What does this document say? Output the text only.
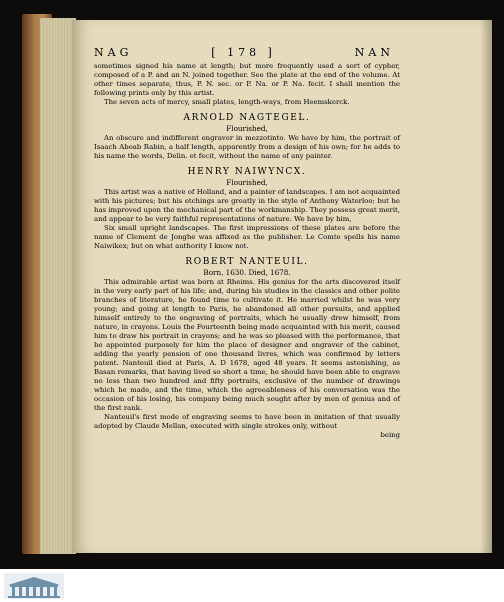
NAG	[ 178 ]	NAN

sometimes signed his name at length; but more frequently used a sort of cypher, composed of a P. and an N. joined together. See the plate at the end of the volume. At other times separate, thus, P. N. sec. or P. Na. or P. Na. fecit. I shall mention the following prints only by this artist.

The seven acts of mercy, small plates, length-ways, from Heemskerck.

ARNOLD NAGTEGEL.
Flourished,

An obscure and indifferent engraver in mezzotinto. We have by him, the portrait of Isaach Aboab Rabin, a half length, apparently from a design of his own; for he adds to his name the words, Delin. et fecit, without the name of any painter.

HENRY NAIWYNCX.
Flourished,

This artist was a native of Holland, and a painter of landscapes. I am not acquainted with his pictures; but his etchings are greatly in the style of Anthony Waterloo; but he has improved upon the mechanical part of the workmanship. They possess great merit, and appear to be very faithful representations of nature. We have by him,

Six small upright landscapes. The first impressions of these plates are before the name of Clement de Jonghe was affixed as the publisher. Le Comte spells his name Naiwikex; but on what authority I know not.

ROBERT NANTEUIL.
Born, 1630. Died, 1678.

This admirable artist was born at Rheims. His genius for the arts discovered itself in the very early part of his life; and, during his studies in the classics and other polite branches of literature, he found time to cultivate it. He married whilst he was very young; and going at length to Paris, he abandoned all other pursuits, and applied himself entirely to the engraving of portraits, which he usually drew himself, from nature, in crayons. Louis the Fourteenth being made acquainted with his merit, caused him to draw his portrait in crayons; and he was so pleased with the performance, that he appointed purposely for him the place of designer and engraver of the cabinet, adding the yearly pension of one thousand livres, which was confirmed by letters patent. Nanteuil died at Paris, A. D 1678, aged 48 years. It seems astonishing, as Basan remarks, that having lived so short a time, he should have been able to engrave no less than two hundred and fifty portraits, exclusive of the number of drawings which he made, and the time, which the agreeableness of his conversation was the occasion of his losing, his company being much sought after by men of genius and of the first rank.

Nanteuil's first mode of engraving seems to have been in imitation of that usually adopted by Claude Mellan, executed with single strokes only, without

being
